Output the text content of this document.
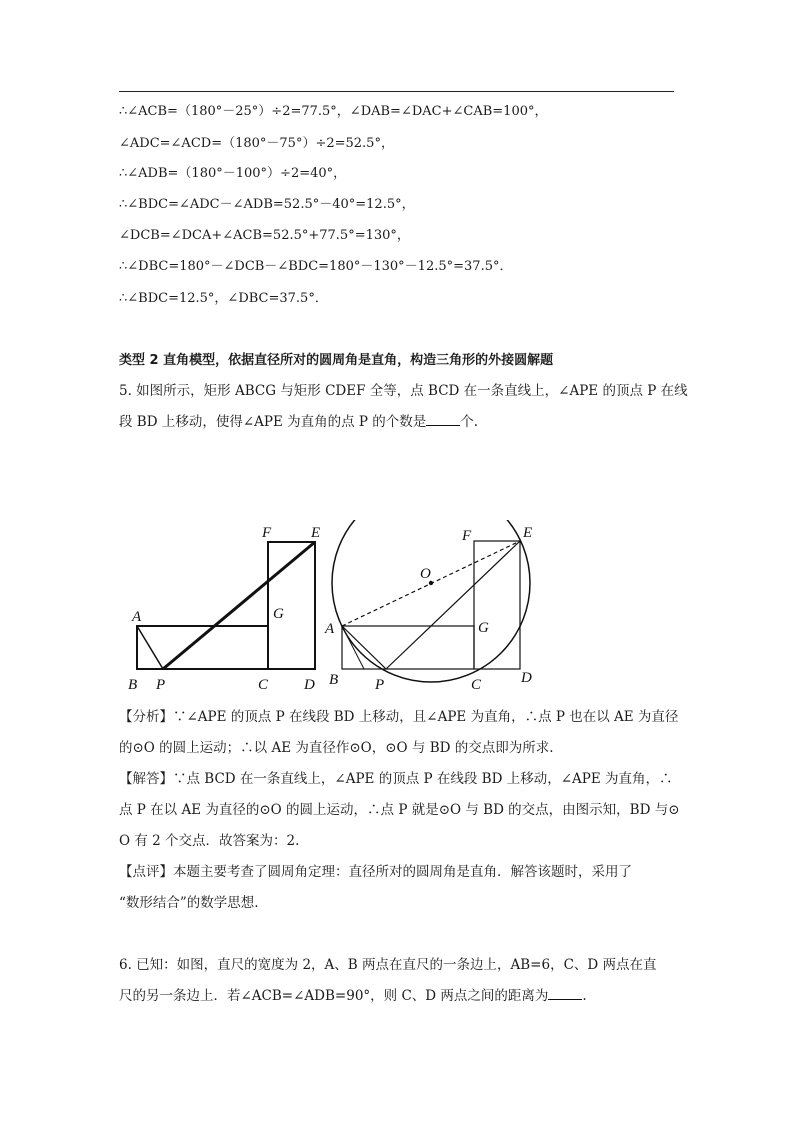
∴∠ACB=（180°－25°）÷2=77.5°，∠DAB=∠DAC+∠CAB=100°，
∠ADC=∠ACD=（180°－75°）÷2=52.5°，
∴∠ADB=（180°－100°）÷2=40°，
∴∠BDC=∠ADC－∠ADB=52.5°－40°=12.5°，
∠DCB=∠DCA+∠ACB=52.5°+77.5°=130°，
∴∠DBC=180°－∠DCB－∠BDC=180°－130°－12.5°=37.5°．
∴∠BDC=12.5°，∠DBC=37.5°．
类型 2 直角模型，依据直径所对的圆周角是直角，构造三角形的外接圆解题
5. 如图所示，矩形 ABCG 与矩形 CDEF 全等，点 BCD 在一条直线上，∠APE 的顶点 P 在线
段 BD 上移动，使得∠APE 为直角的点 P 的个数是	个.
A
B P	C D
F	E
G
A
B P	C	D
F	E
G
O
【分析】∵∠APE 的顶点 P 在线段 BD 上移动，且∠APE 为直角，∴点 P 也在以 AE 为直径
的⊙O 的圆上运动；∴以 AE 为直径作⊙O，⊙O 与 BD 的交点即为所求.
【解答】∵点 BCD 在一条直线上，∠APE 的顶点 P 在线段 BD 上移动，∠APE 为直角，∴
点 P 在以 AE 为直径的⊙O 的圆上运动，∴点 P 就是⊙O 与 BD 的交点，由图示知，BD 与⊙
O 有 2 个交点．故答案为：2.
【点评】本题主要考查了圆周角定理：直径所对的圆周角是直角．解答该题时，采用了
“数形结合”的数学思想.
6. 已知：如图，直尺的宽度为 2，A、B 两点在直尺的一条边上，AB=6，C、D 两点在直
尺的另一条边上．若∠ACB=∠ADB=90°，则 C、D 两点之间的距离为	.
